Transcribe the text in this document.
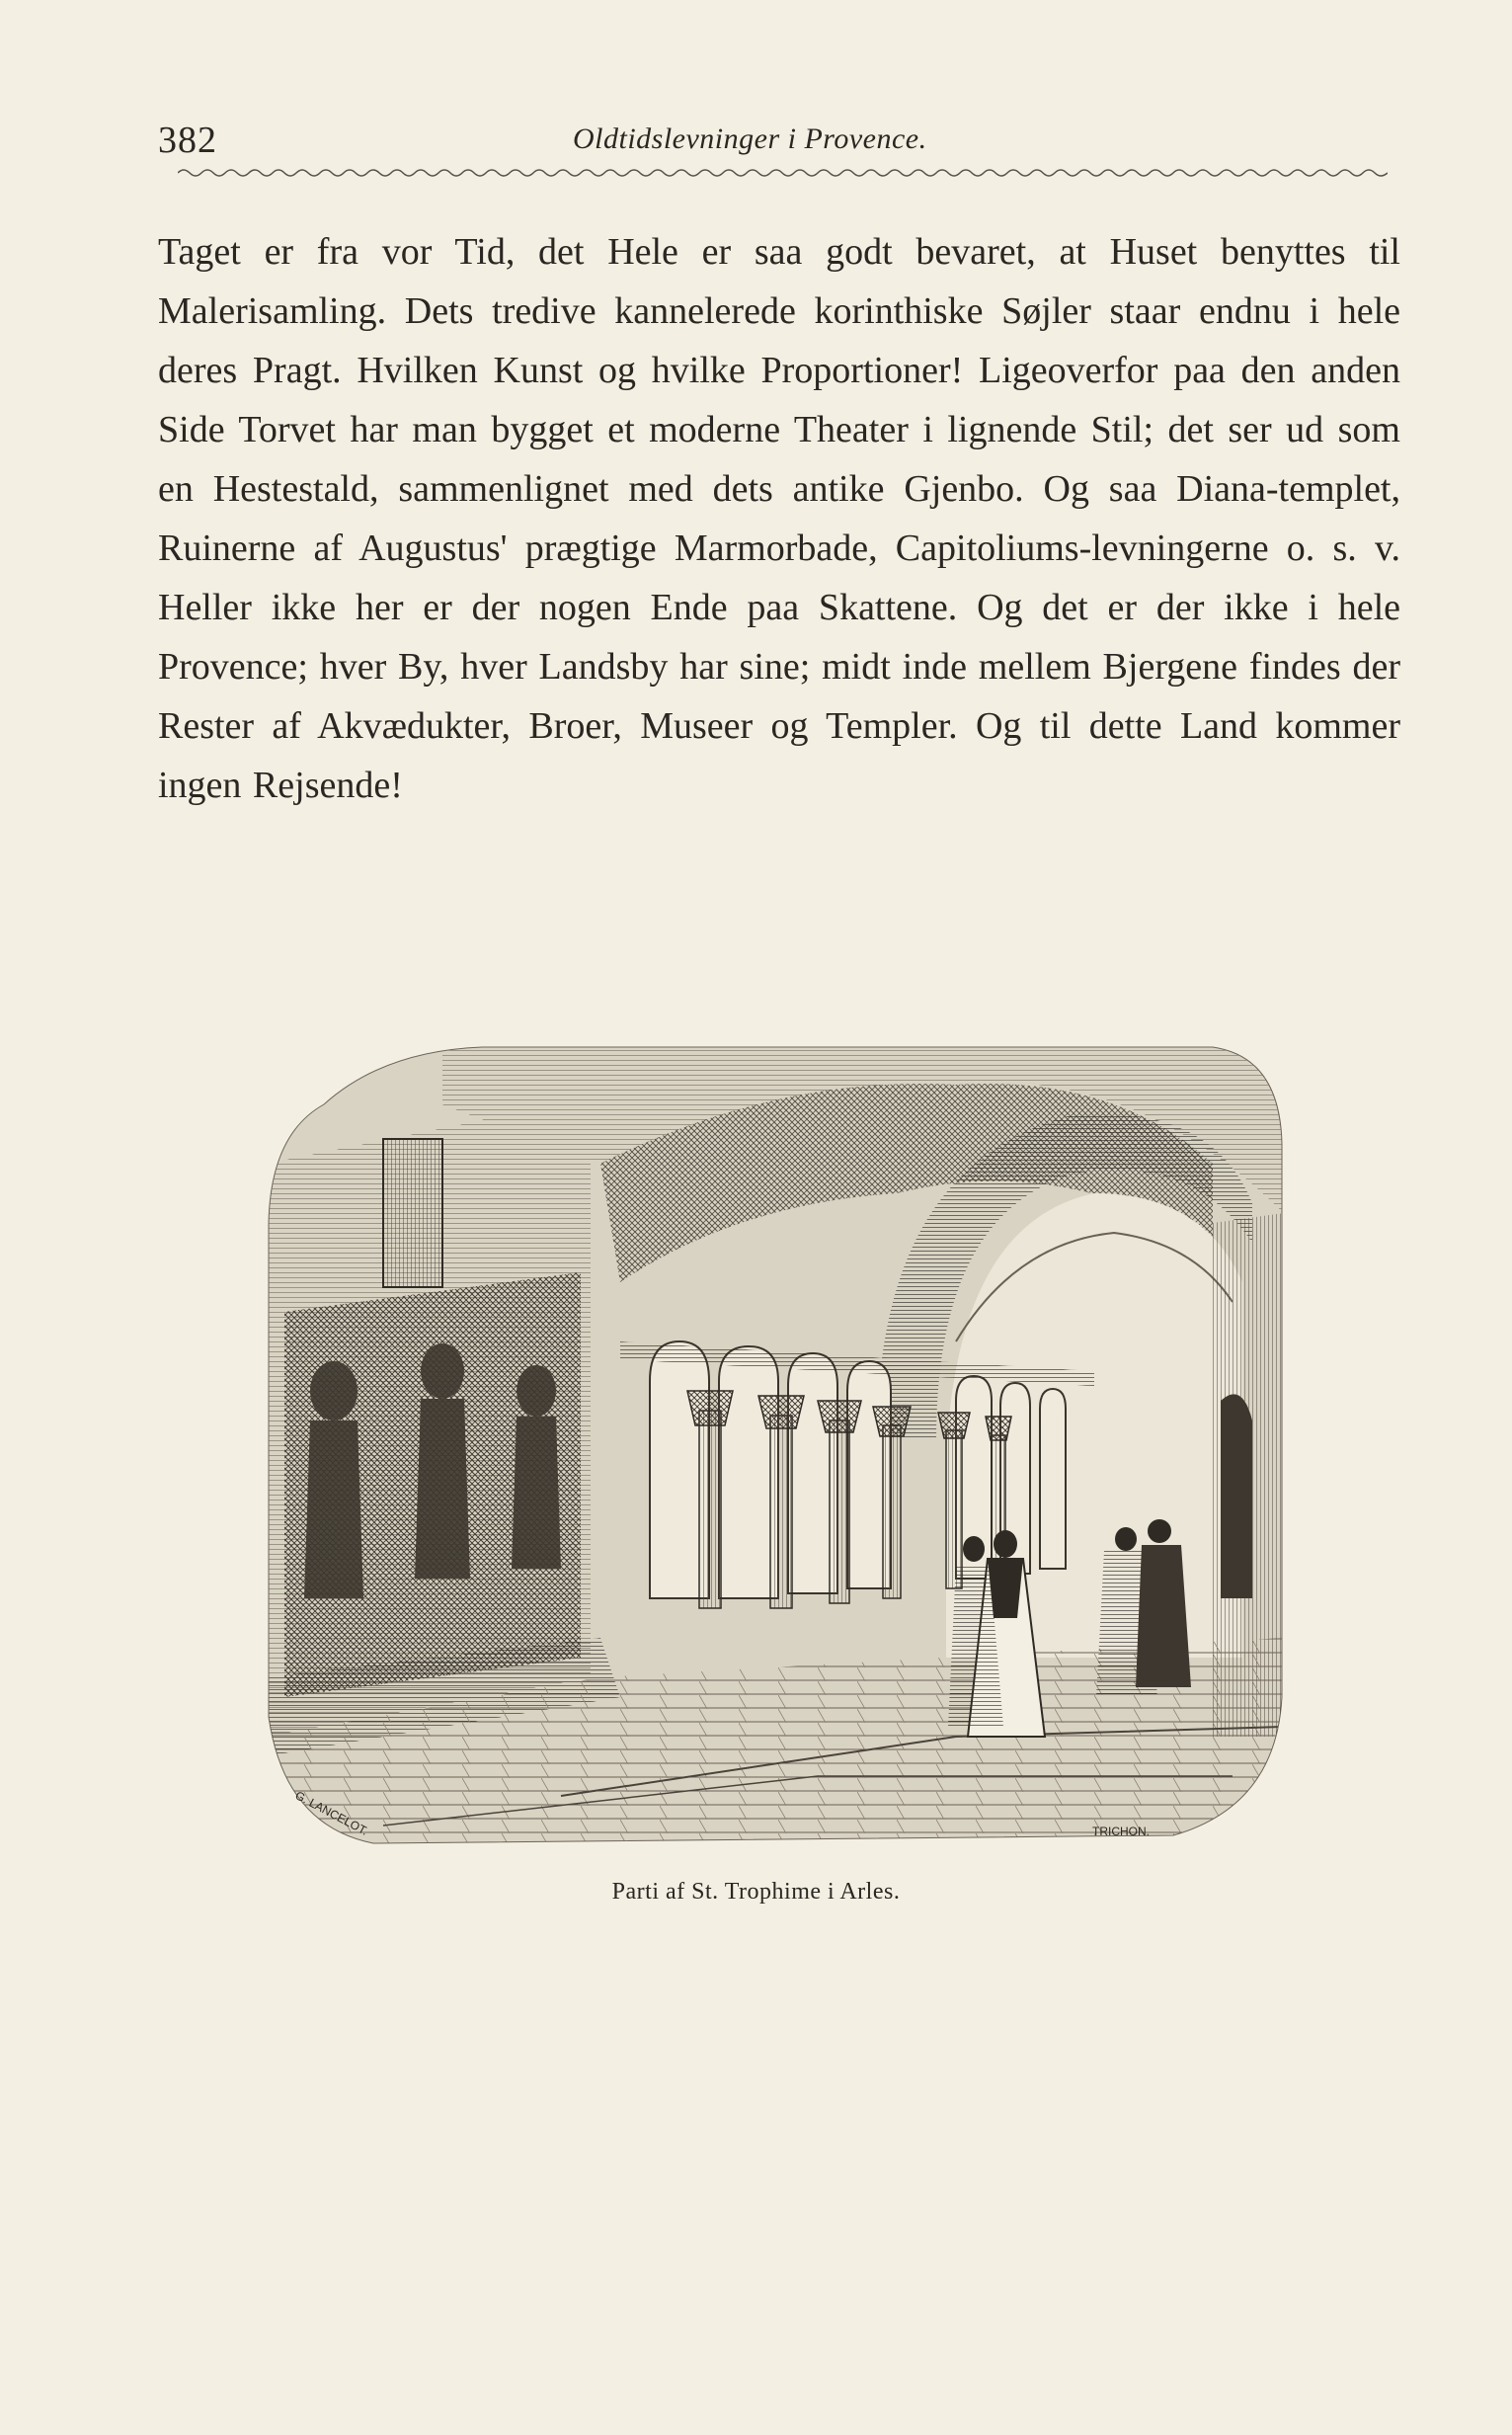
382	Oldtidslevninger i Provence.

Taget er fra vor Tid, det Hele er saa godt bevaret, at Huset benyttes til Malerisamling. Dets tredive kannelerede korinthiske Søjler staar endnu i hele deres Pragt. Hvilken Kunst og hvilke Proportioner! Ligeoverfor paa den anden Side Torvet har man bygget et moderne Theater i lignende Stil; det ser ud som en Hestestald, sammenlignet med dets antike Gjenbo. Og saa Diana-templet, Ruinerne af Augustus' prægtige Marmorbade, Capitoliums-levningerne o. s. v. Heller ikke her er der nogen Ende paa Skattene. Og det er der ikke i hele Provence; hver By, hver Landsby har sine; midt inde mellem Bjergene findes der Rester af Akvædukter, Broer, Museer og Templer. Og til dette Land kommer ingen Rejsende!

G. LANCELOT.	TRICHON.
Parti af St. Trophime i Arles.
